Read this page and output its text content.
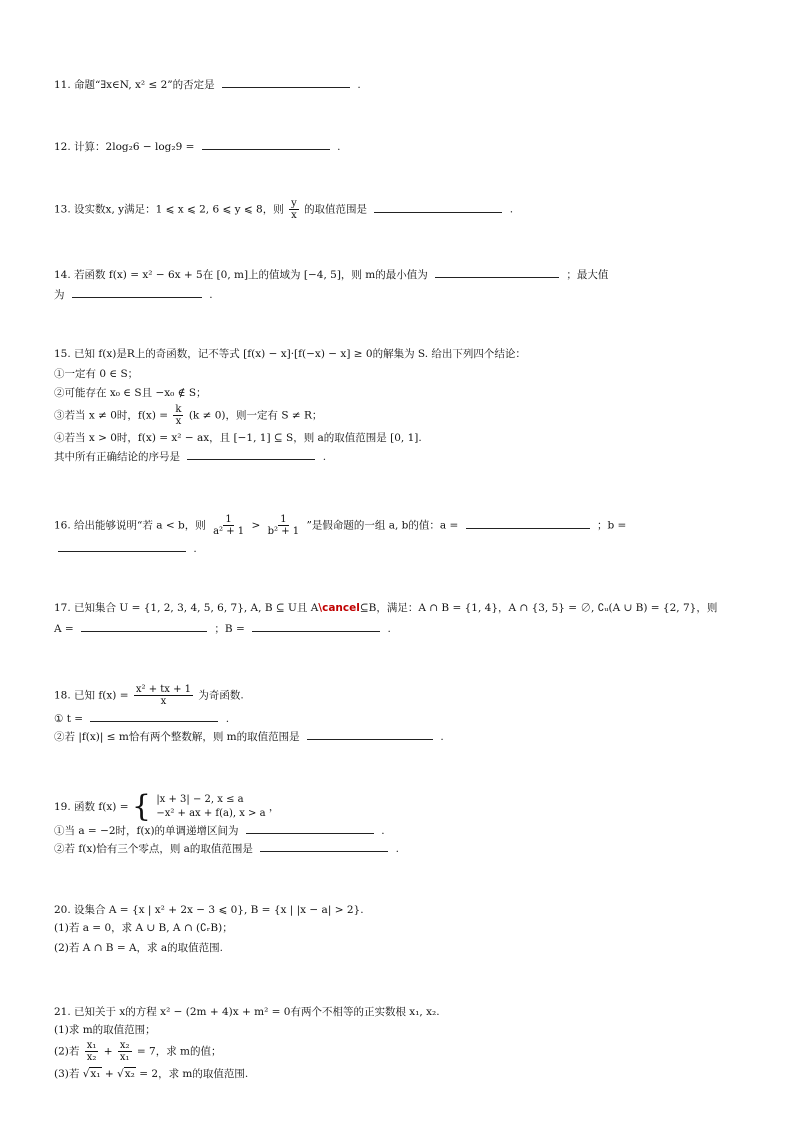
11. 命题“∃x∈N, x² ≤ 2”的否定是	.
12. 计算：2log₂6 − log₂9 =	.
13. 设实数x, y满足：1 ⩽ x ⩽ 2, 6 ⩽ y ⩽ 8，则 $\frac{y}{x}$ 的取值范围是	.
14. 若函数 f(x) = x² − 6x + 5在 [0, m]上的值域为 [−4, 5]，则 m的最小值为	；最大值
为	.
15. 已知 f(x)是R上的奇函数，记不等式 [f(x) − x]·[f(−x) − x] ≥ 0的解集为 S. 给出下列四个结论：
①一定有 0 ∈ S；
②可能存在 x₀ ∈ S且 −x₀ ∉ S；
③若当 x ≠ 0时，$f(x) = \frac{k}{x} (k \ne 0)$，则一定有 S ≠ R；
④若当 x > 0时，f(x) = x² − ax，且 [−1, 1] ⊆ S，则 a的取值范围是 [0, 1].
其中所有正确结论的序号是	.
16. 给出能够说明“若 a < b，则 $\frac{1}{\text{a² + 1}} > \frac{1}{\text{b² + 1}}$ ”是假命题的一组 a, b的值：a =	；b =
.
17. 已知集合 U = {1, 2, 3, 4, 5, 6, 7}, A, B ⊆ U且 A\cancel⊆B，满足：A ∩ B = {1, 4}，A ∩ {3, 5} = ∅, ∁ᵤ(A ∪ B) = {2, 7}，则
A =	；B =	.
18. 已知 $f(x) = \frac{\text{x² + tx + 1}}{x}$ 为奇函数.
① t =	.
②若 |f(x)| ≤ m恰有两个整数解，则 m的取值范围是	.
19. 函数 f(x) = { |x + 3| − 2, x ≤ a
−x² + ax + f(a), x > a
，
①当 a = −2时，f(x)的单调递增区间为	.
②若 f(x)恰有三个零点，则 a的取值范围是	.
20. 设集合 A = {x | x² + 2x − 3 ⩽ 0}, B = {x | |x − a| > 2}.
(1)若 a = 0，求 A ∪ B, A ∩ (∁ᵣB)；
(2)若 A ∩ B = A，求 a的取值范围.
21. 已知关于 x的方程 x² − (2m + 4)x + m² = 0有两个不相等的正实数根 x₁, x₂.
(1)求 m的取值范围；
(2)若 $\frac{\text{x₁}}{\text{x₂}} + \frac{\text{x₂}}{\text{x₁}} = 7$，求 m的值；
(3)若 √x₁ + √x₂ = 2，求 m的取值范围.
